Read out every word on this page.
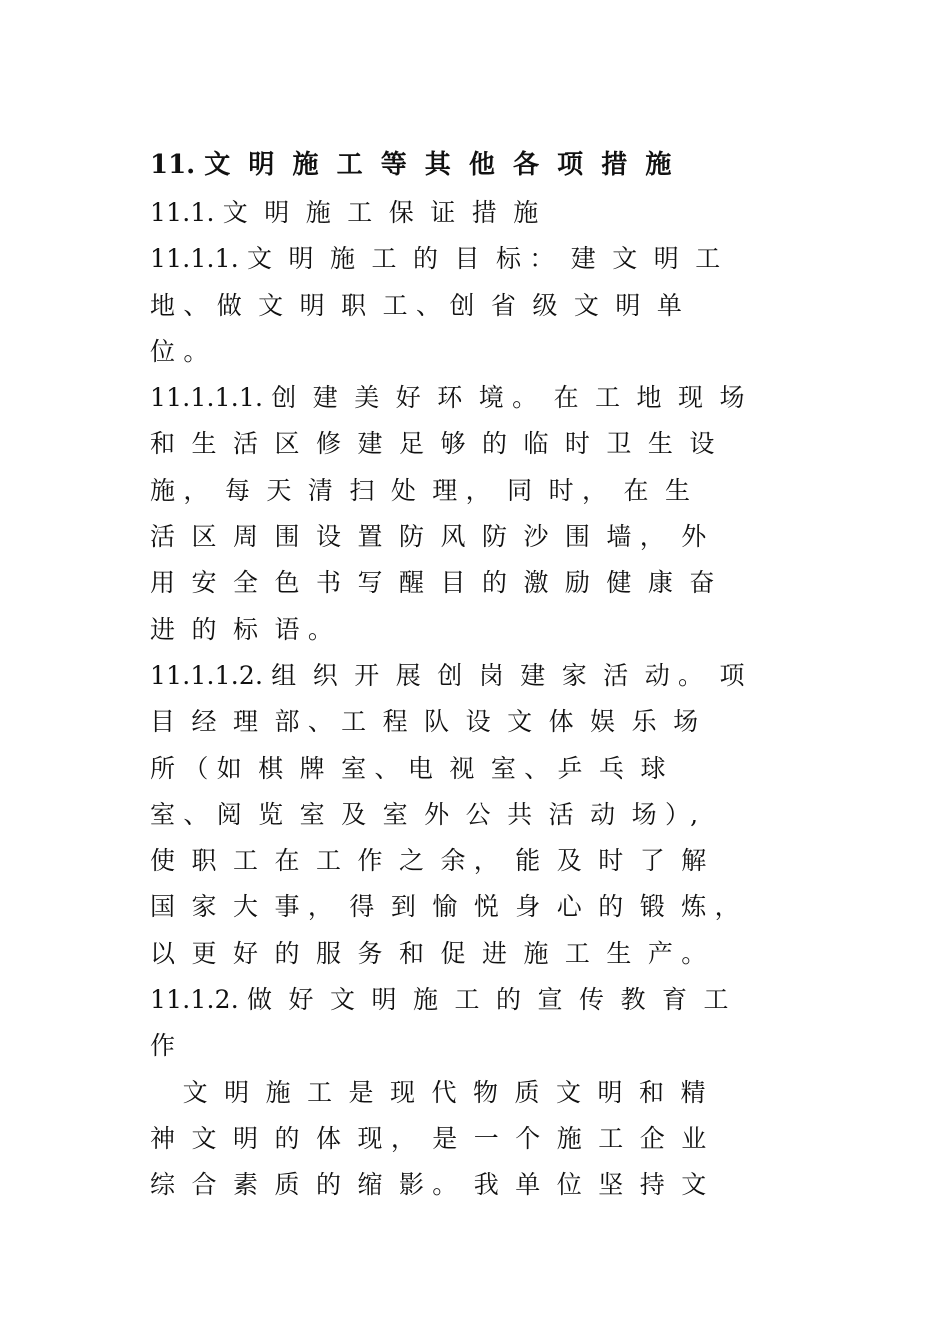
11. 文  明  施  工  等  其  他  各  项  措  施
11.1. 文  明  施  工  保  证  措  施
11.1.1. 文  明  施  工  的  目  标 ：  建  文  明  工
地 、 做  文  明  职  工 、 创  省  级  文  明  单
位 。
11.1.1.1. 创  建  美  好  环  境 。  在  工  地  现  场
和  生  活  区  修  建  足  够  的  临  时  卫  生  设
施 ，  每  天  清  扫  处  理 ，  同  时 ，  在  生
活  区  周  围  设  置  防  风  防  沙  围  墙 ，  外
用  安  全  色  书  写  醒  目  的  激  励  健  康  奋
进  的  标  语 。
11.1.1.2. 组  织  开  展  创  岗  建  家  活  动 。  项
目  经  理  部 、 工  程  队  设  文  体  娱  乐  场
所 （ 如  棋  牌  室 、 电  视  室 、 乒  乓  球
室 、 阅  览  室  及  室  外  公  共  活  动  场 ）,
使  职  工  在  工  作  之  余 ，  能  及  时  了  解
国  家  大  事 ，  得  到  愉  悦  身  心  的  锻  炼 ，
以  更  好  的  服  务  和  促  进  施  工  生  产 。
11.1.2. 做  好  文  明  施  工  的  宣  传  教  育  工
作
文  明  施  工  是  现  代  物  质  文  明  和  精
神  文  明  的  体  现 ，  是  一  个  施  工  企  业
综  合  素  质  的  缩  影 。  我  单  位  坚  持  文
